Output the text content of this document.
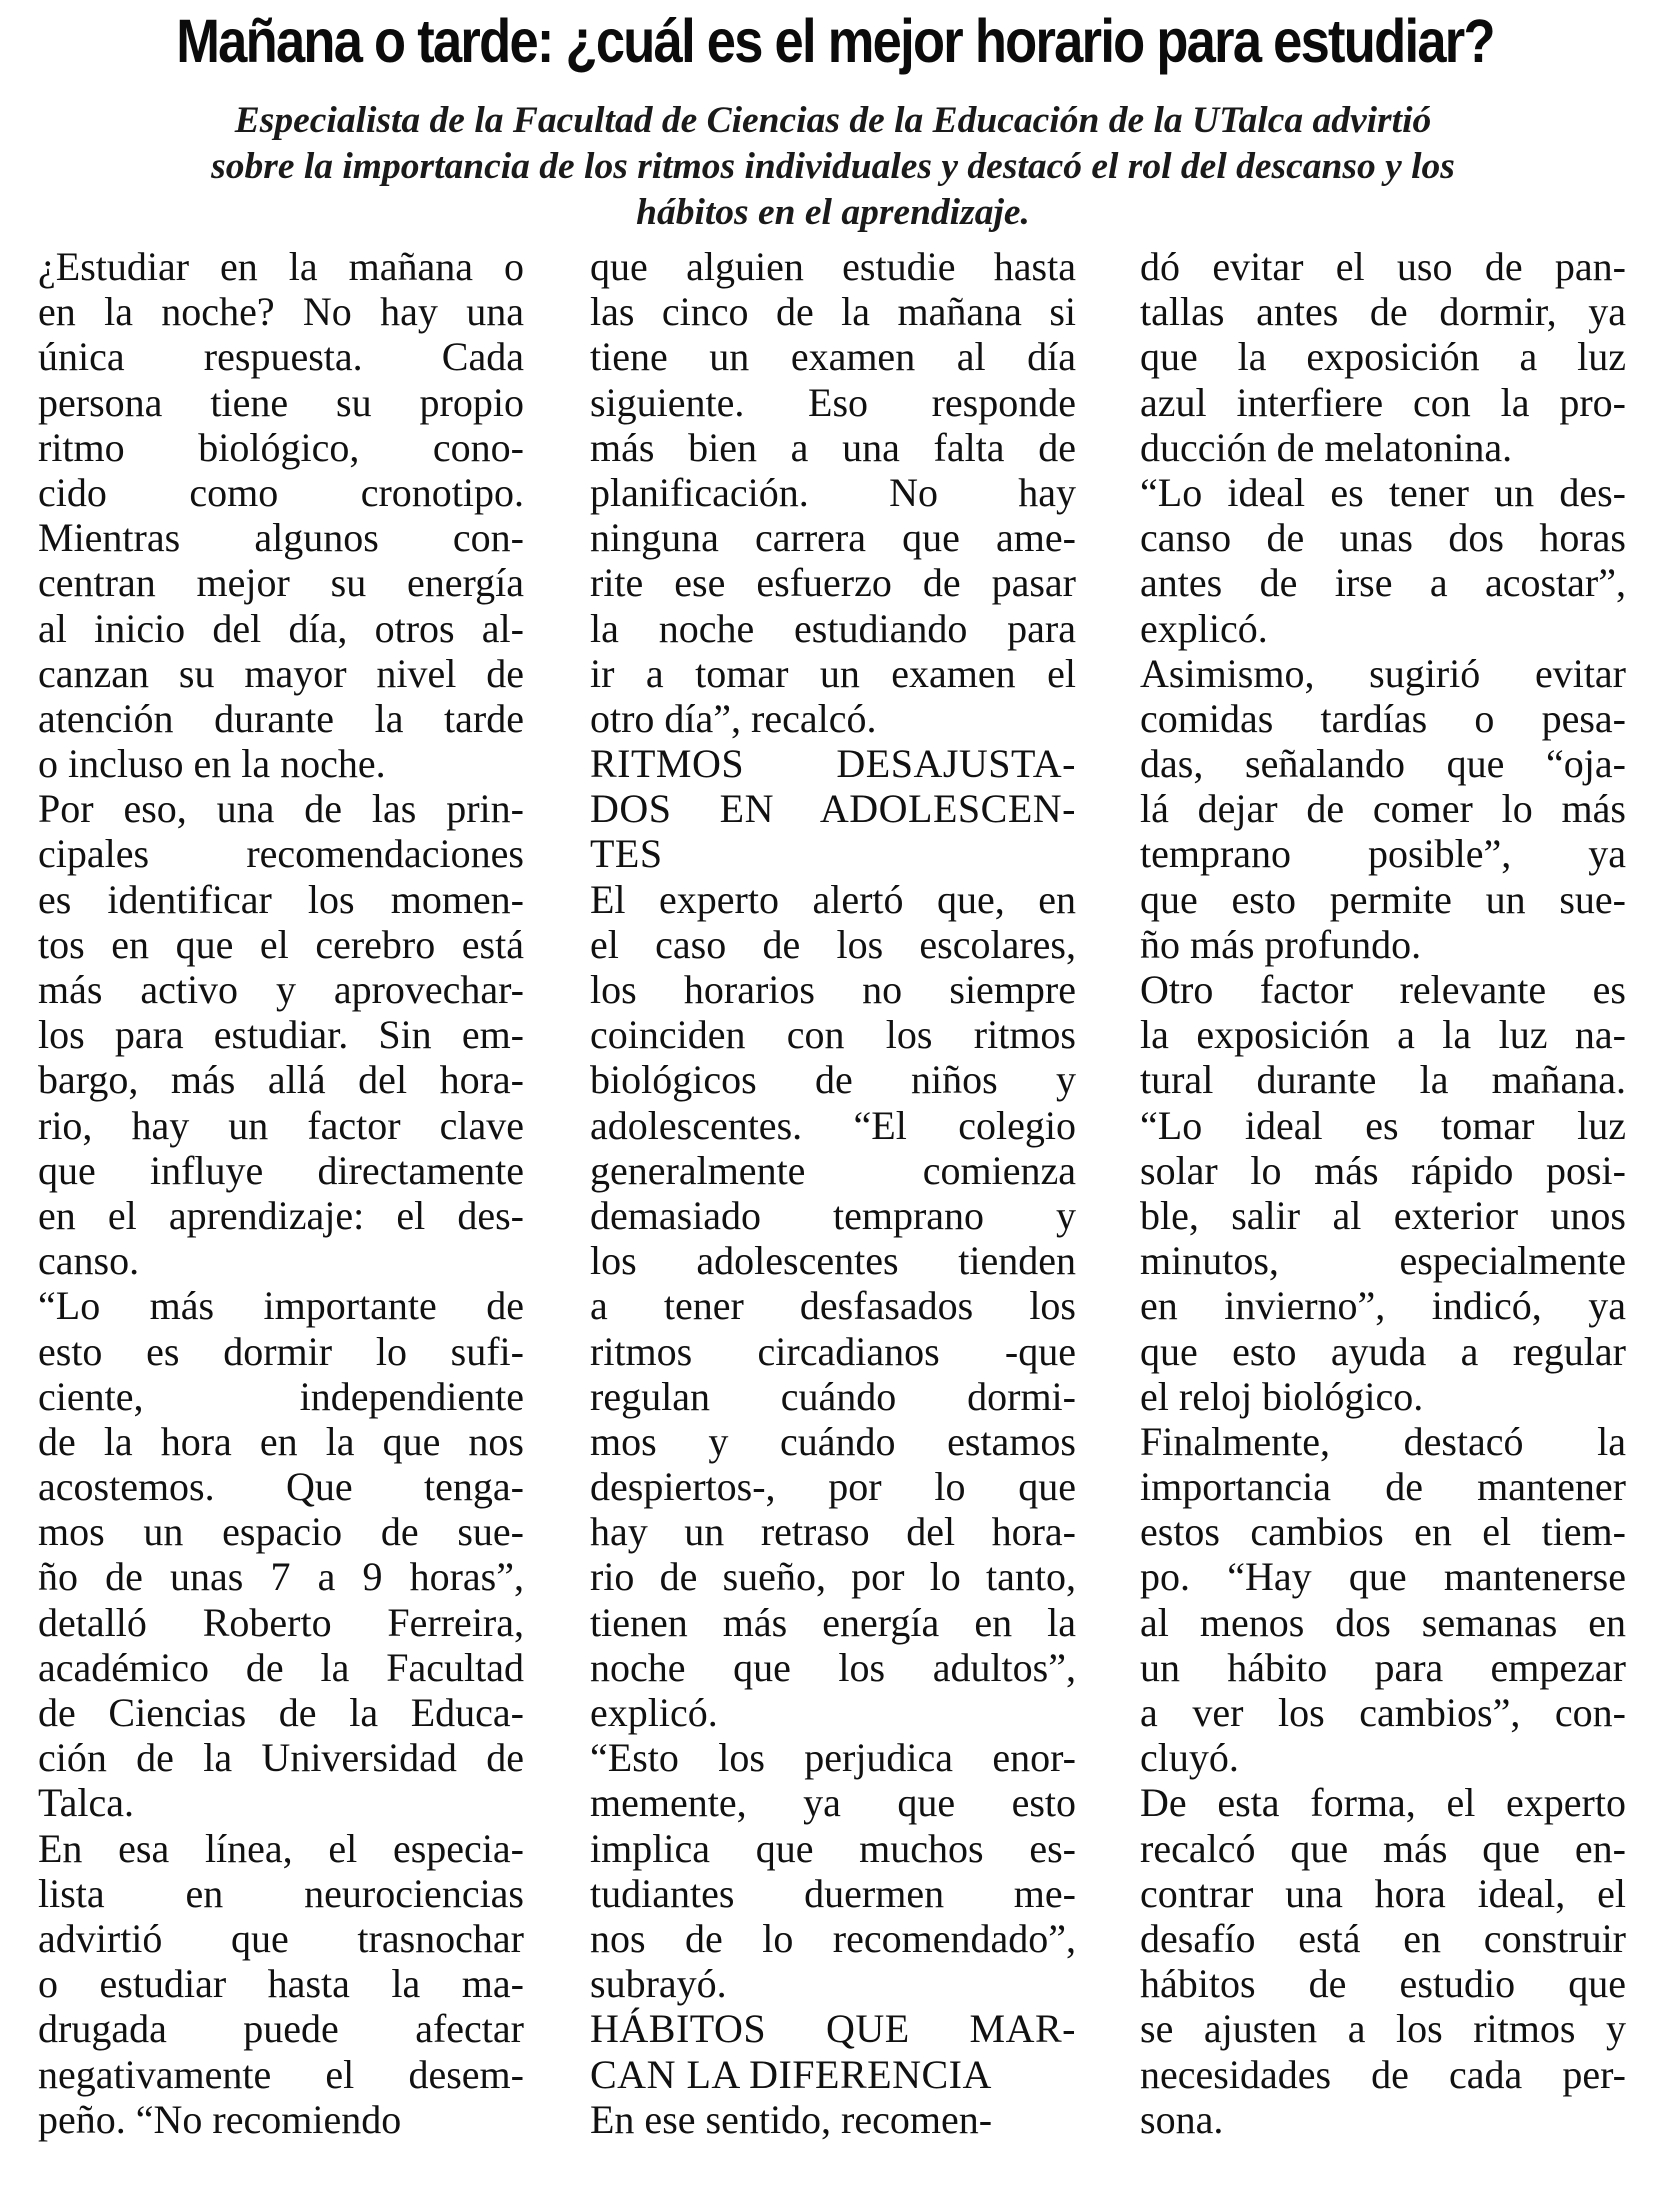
Mañana o tarde: ¿cuál es el mejor horario para estudiar?
Especialista de la Facultad de Ciencias de la Educación de la UTalca advirtió
sobre la importancia de los ritmos individuales y destacó el rol del descanso y los
hábitos en el aprendizaje.
¿Estudiar en la mañana o
en la noche? No hay una
única respuesta. Cada
persona tiene su propio
ritmo biológico, cono-
cido como cronotipo.
Mientras algunos con-
centran mejor su energía
al inicio del día, otros al-
canzan su mayor nivel de
atención durante la tarde
o incluso en la noche.
Por eso, una de las prin-
cipales recomendaciones
es identificar los momen-
tos en que el cerebro está
más activo y aprovechar-
los para estudiar. Sin em-
bargo, más allá del hora-
rio, hay un factor clave
que influye directamente
en el aprendizaje: el des-
canso.
“Lo más importante de
esto es dormir lo sufi-
ciente, independiente
de la hora en la que nos
acostemos. Que tenga-
mos un espacio de sue-
ño de unas 7 a 9 horas”,
detalló Roberto Ferreira,
académico de la Facultad
de Ciencias de la Educa-
ción de la Universidad de
Talca.
En esa línea, el especia-
lista en neurociencias
advirtió que trasnochar
o estudiar hasta la ma-
drugada puede afectar
negativamente el desem-
peño. “No recomiendo
que alguien estudie hasta
las cinco de la mañana si
tiene un examen al día
siguiente. Eso responde
más bien a una falta de
planificación. No hay
ninguna carrera que ame-
rite ese esfuerzo de pasar
la noche estudiando para
ir a tomar un examen el
otro día”, recalcó.
RITMOS DESAJUSTA-
DOS EN ADOLESCEN-
TES
El experto alertó que, en
el caso de los escolares,
los horarios no siempre
coinciden con los ritmos
biológicos de niños y
adolescentes. “El colegio
generalmente comienza
demasiado temprano y
los adolescentes tienden
a tener desfasados los
ritmos circadianos -que
regulan cuándo dormi-
mos y cuándo estamos
despiertos-, por lo que
hay un retraso del hora-
rio de sueño, por lo tanto,
tienen más energía en la
noche que los adultos”,
explicó.
“Esto los perjudica enor-
memente, ya que esto
implica que muchos es-
tudiantes duermen me-
nos de lo recomendado”,
subrayó.
HÁBITOS QUE MAR-
CAN LA DIFERENCIA
En ese sentido, recomen-
dó evitar el uso de pan-
tallas antes de dormir, ya
que la exposición a luz
azul interfiere con la pro-
ducción de melatonina.
“Lo ideal es tener un des-
canso de unas dos horas
antes de irse a acostar”,
explicó.
Asimismo, sugirió evitar
comidas tardías o pesa-
das, señalando que “oja-
lá dejar de comer lo más
temprano posible”, ya
que esto permite un sue-
ño más profundo.
Otro factor relevante es
la exposición a la luz na-
tural durante la mañana.
“Lo ideal es tomar luz
solar lo más rápido posi-
ble, salir al exterior unos
minutos, especialmente
en invierno”, indicó, ya
que esto ayuda a regular
el reloj biológico.
Finalmente, destacó la
importancia de mantener
estos cambios en el tiem-
po. “Hay que mantenerse
al menos dos semanas en
un hábito para empezar
a ver los cambios”, con-
cluyó.
De esta forma, el experto
recalcó que más que en-
contrar una hora ideal, el
desafío está en construir
hábitos de estudio que
se ajusten a los ritmos y
necesidades de cada per-
sona.
